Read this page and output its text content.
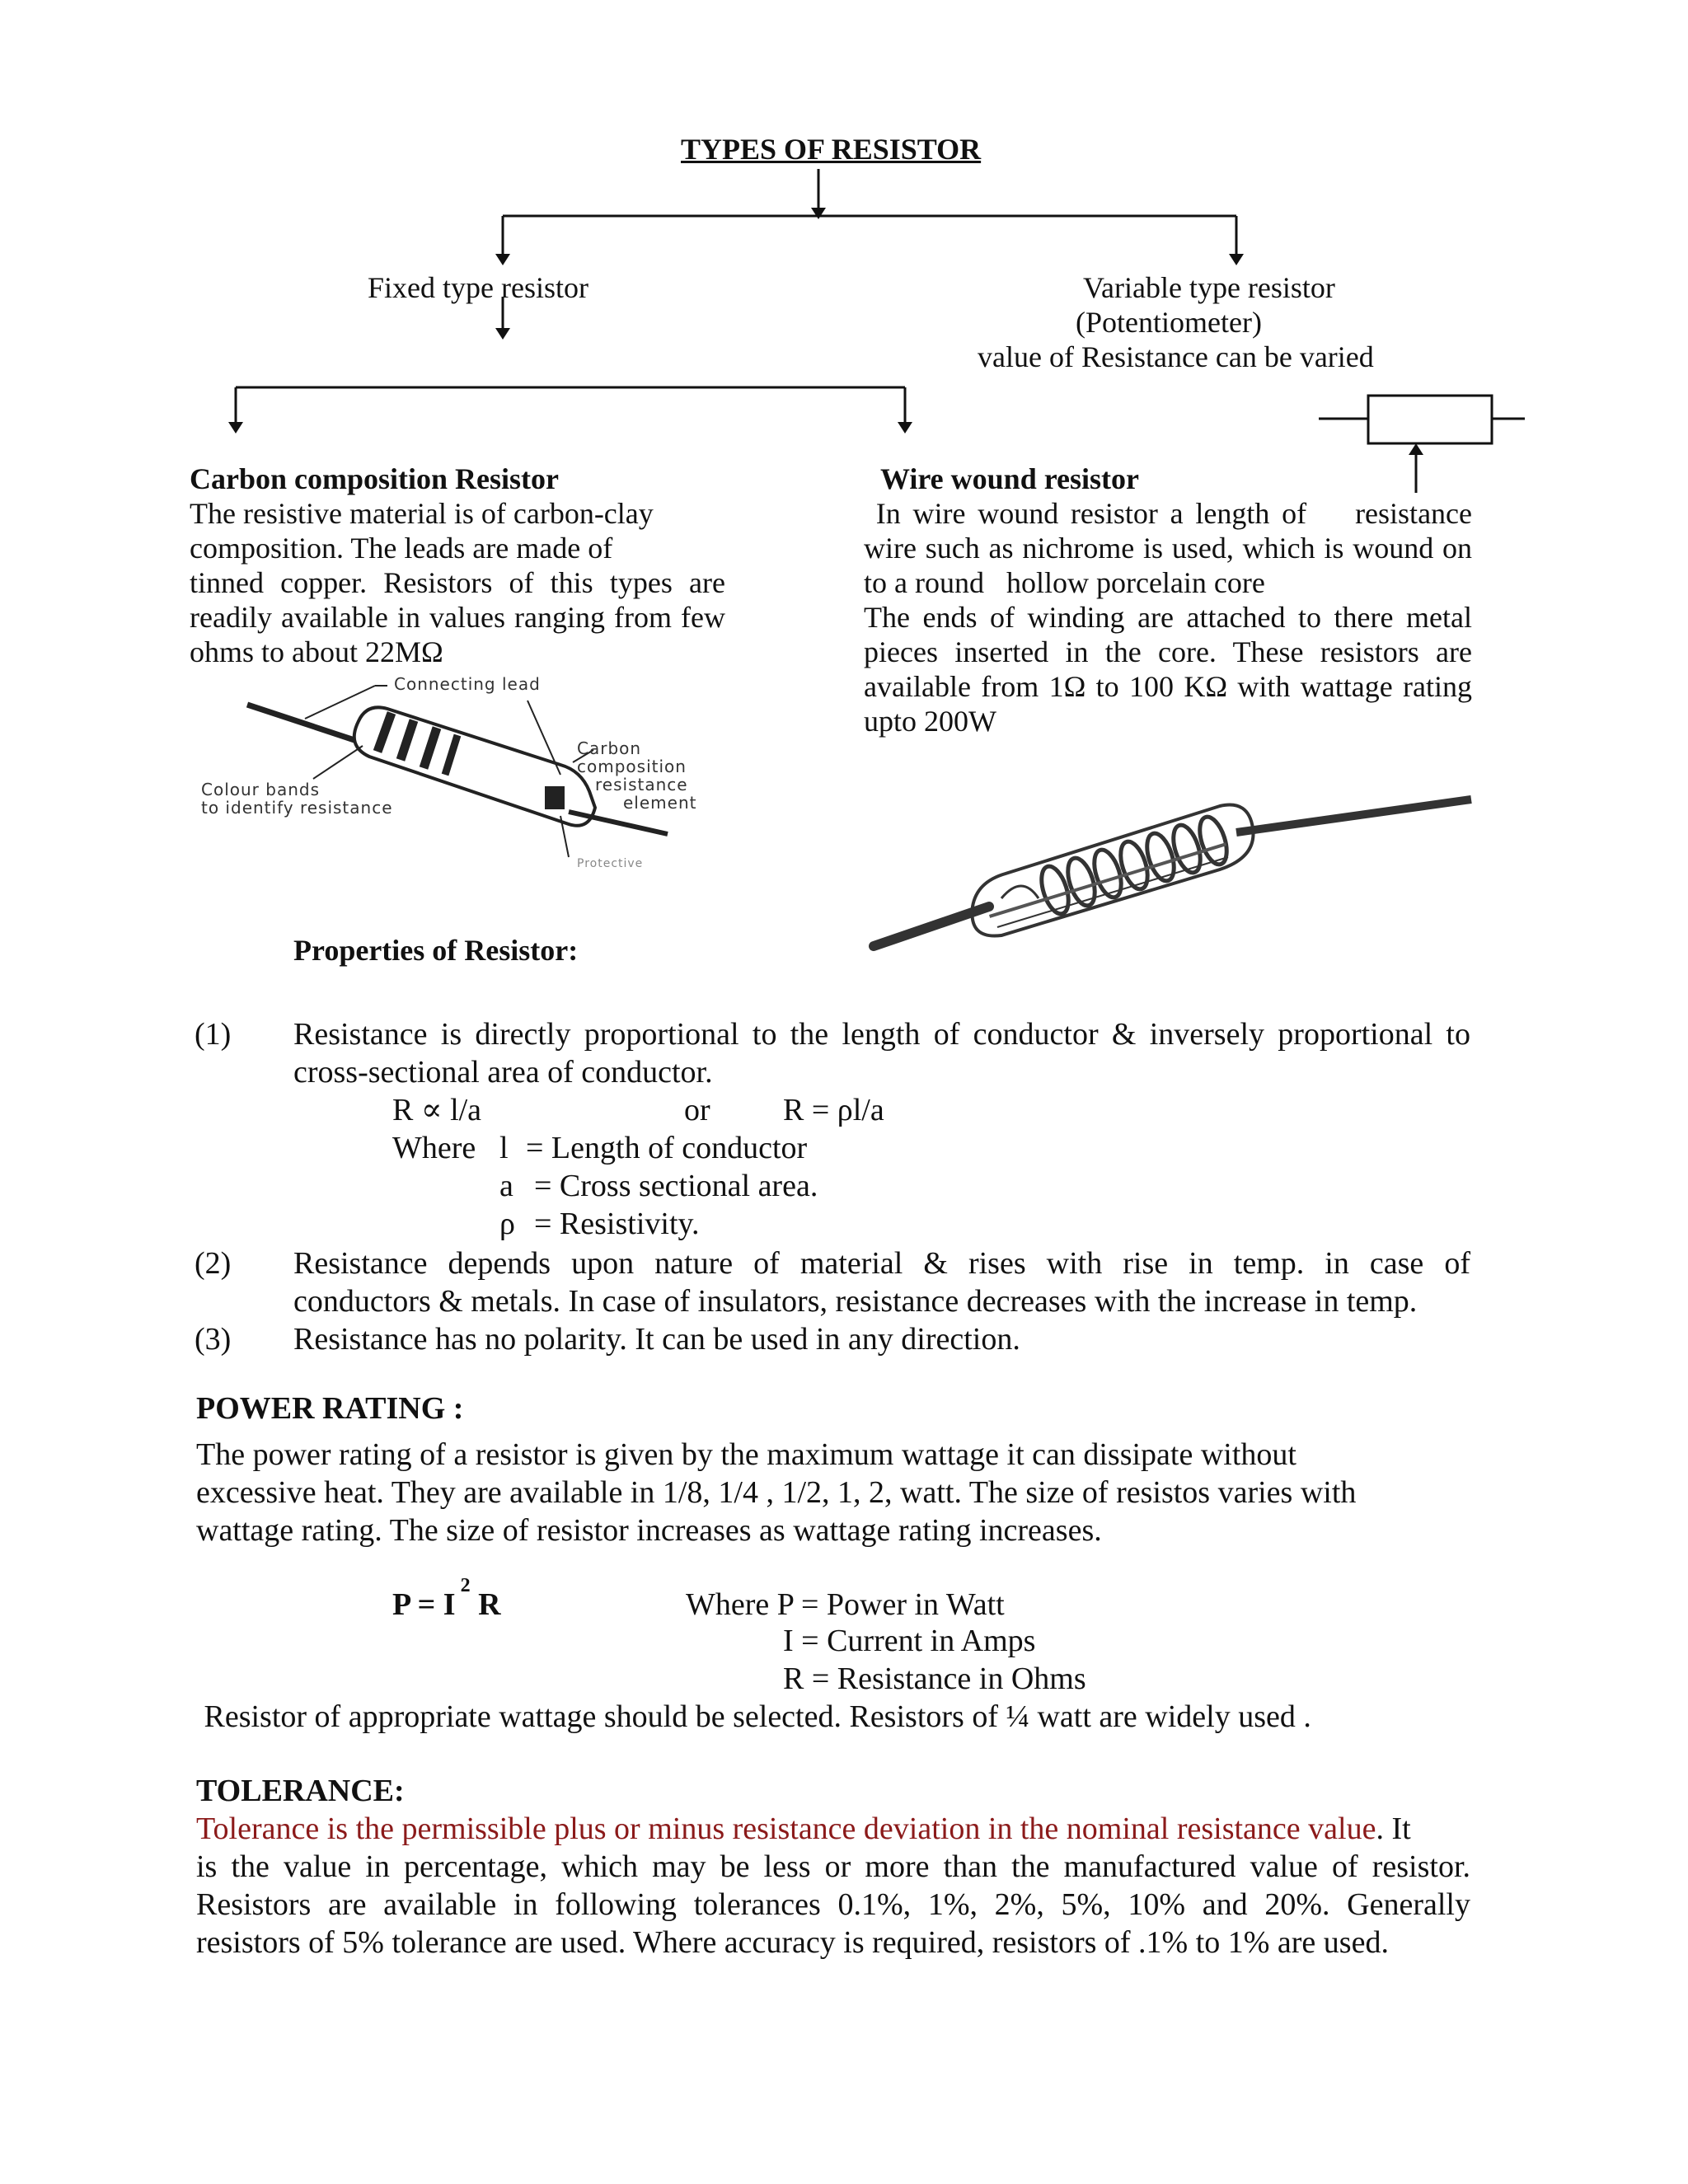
TYPES OF RESISTOR
Fixed type resistor	Variable type resistor
(Potentiometer)
value of Resistance can be varied
Carbon composition Resistor
The resistive material is of carbon-clay
composition. The leads are made of
tinned copper. Resistors of this types are
readily available in values ranging from few
ohms to about 22MΩ
Connecting lead
Carbon
composition
resistance
element
Colour bands
to identify resistance
Protective
Wire wound resistor
In wire wound resistor a length of    resistance
wire such as nichrome is used, which is wound on
to a round   hollow porcelain core
The ends of winding are attached to there metal
pieces inserted in the core. These resistors are
available from 1Ω to 100 KΩ with wattage rating
upto 200W
Properties of Resistor:
(1) Resistance is directly proportional to the length of conductor & inversely proportional to
cross-sectional area of conductor.
R ∝ l/a	or R = ρl/a
Where l = Length of conductor
a = Cross sectional area.
ρ = Resistivity.
(2) Resistance depends upon nature of material & rises with rise in temp. in case of
conductors & metals. In case of insulators, resistance decreases with the increase in temp.
(3) Resistance has no polarity. It can be used in any direction.
POWER RATING :
The power rating of a resistor is given by the maximum wattage it can dissipate without
excessive heat. They are available in 1/8, 1/4 , 1/2, 1, 2, watt. The size of resistos varies with
wattage rating. The size of resistor increases as wattage rating increases.
$P = I^2$ R	Where P = Power in Watt
I = Current in Amps
R = Resistance in Ohms
Resistor of appropriate wattage should be selected. Resistors of ¼ watt are widely used .
TOLERANCE:
Tolerance is the permissible plus or minus resistance deviation in the nominal resistance value. It
is the value in percentage, which may be less or more than the manufactured value of resistor.
Resistors are available in following tolerances 0.1%, 1%, 2%, 5%, 10% and 20%. Generally
resistors of 5% tolerance are used. Where accuracy is required, resistors of .1% to 1% are used.
